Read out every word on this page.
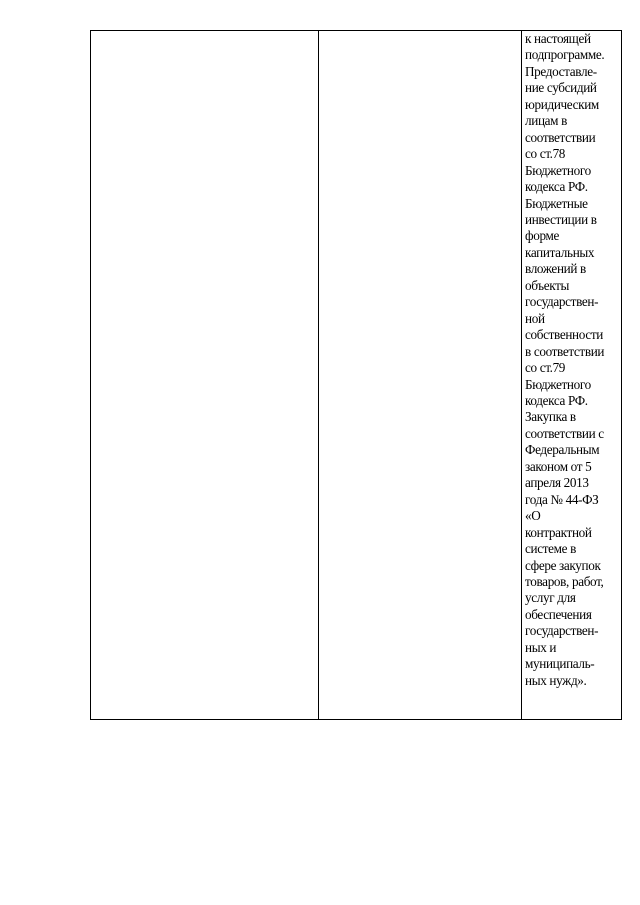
к настоящей
подпрограмме.
Предоставле-
ние субсидий
юридическим
лицам в
соответствии
со ст.78
Бюджетного
кодекса РФ.
Бюджетные
инвестиции в
форме
капитальных
вложений в
объекты
государствен-
ной
собственности
в соответствии
со ст.79
Бюджетного
кодекса РФ.
Закупка в
соответствии с
Федеральным
законом от 5
апреля 2013
года № 44-ФЗ
«О
контрактной
системе в
сфере закупок
товаров, работ,
услуг для
обеспечения
государствен-
ных и
муниципаль-
ных нужд».
